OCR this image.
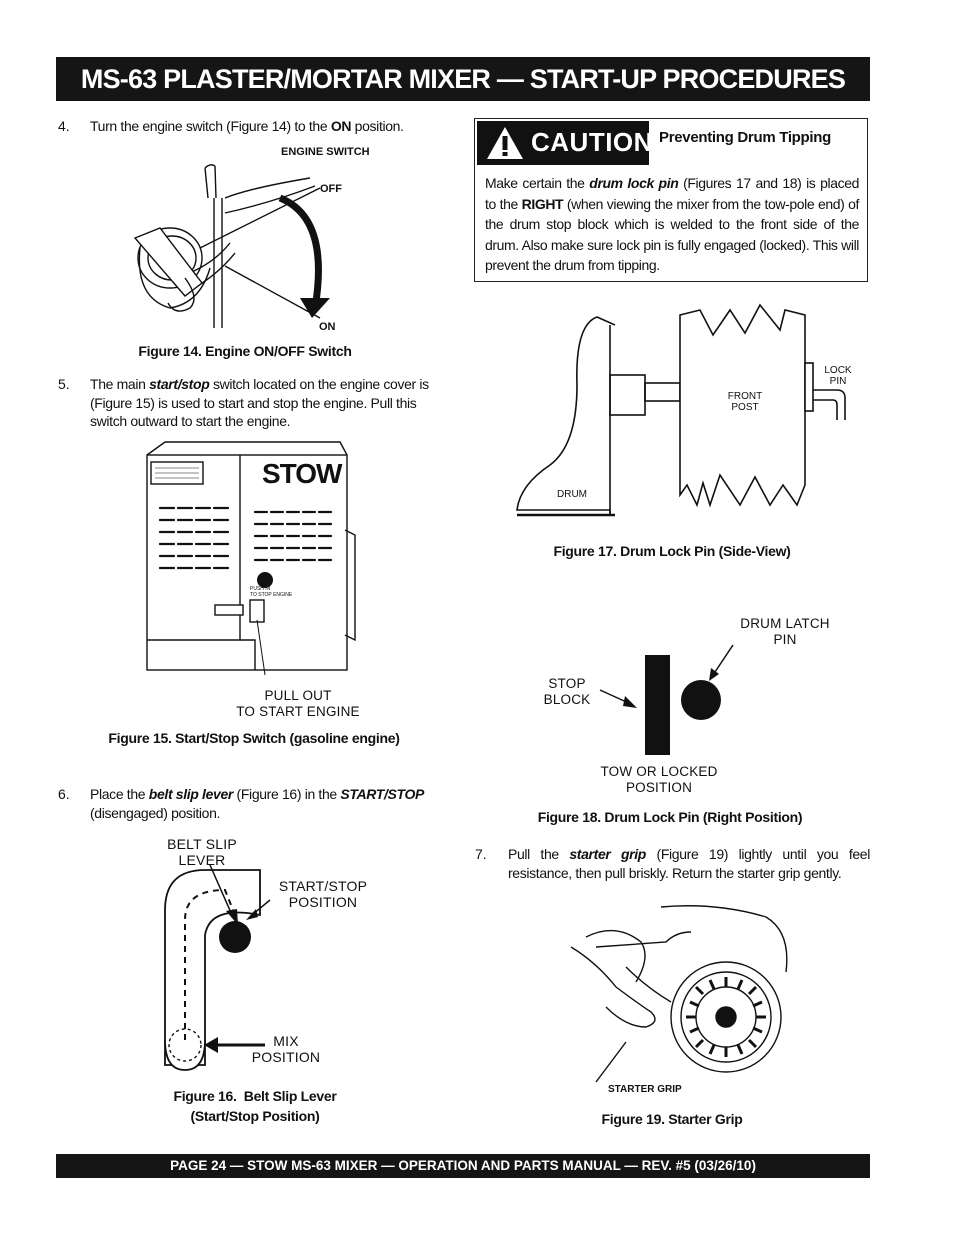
MS-63 PLASTER/MORTAR MIXER — START-UP PROCEDURES
4. Turn the engine switch (Figure 14) to the ON position.
ENGINE SWITCH
OFF
ON
Figure 14. Engine ON/OFF Switch
5. The main start/stop switch located on the engine cover is (Figure 15) is used to start and stop the engine. Pull this switch outward to start the engine.
STOW
PUSH IN
TO STOP ENGINE
PULL OUT
TO START ENGINE
Figure 15. Start/Stop Switch (gasoline engine)
6. Place the belt slip lever (Figure 16) in the START/STOP (disengaged) position.
BELT SLIP
LEVER
START/STOP
POSITION
MIX
POSITION
Figure 16.  Belt Slip Lever
(Start/Stop Position)
CAUTION Preventing Drum Tipping
Make certain the drum lock pin (Figures 17 and 18) is placed to the RIGHT (when viewing the mixer from the tow-pole end) of the drum stop block which is welded to the front side of the drum. Also make sure lock pin is fully engaged (locked). This will prevent the drum from tipping.
LOCK
PIN
FRONT
POST
DRUM
Figure 17. Drum Lock Pin (Side-View)
DRUM LATCH
PIN
STOP
BLOCK
TOW OR LOCKED
POSITION
Figure 18. Drum Lock Pin (Right Position)
7. Pull the starter grip (Figure 19) lightly until you feel resistance, then pull briskly. Return the starter grip gently.
STARTER GRIP
Figure 19. Starter Grip
PAGE 24 — STOW MS-63 MIXER — OPERATION AND PARTS MANUAL — REV. #5 (03/26/10)
